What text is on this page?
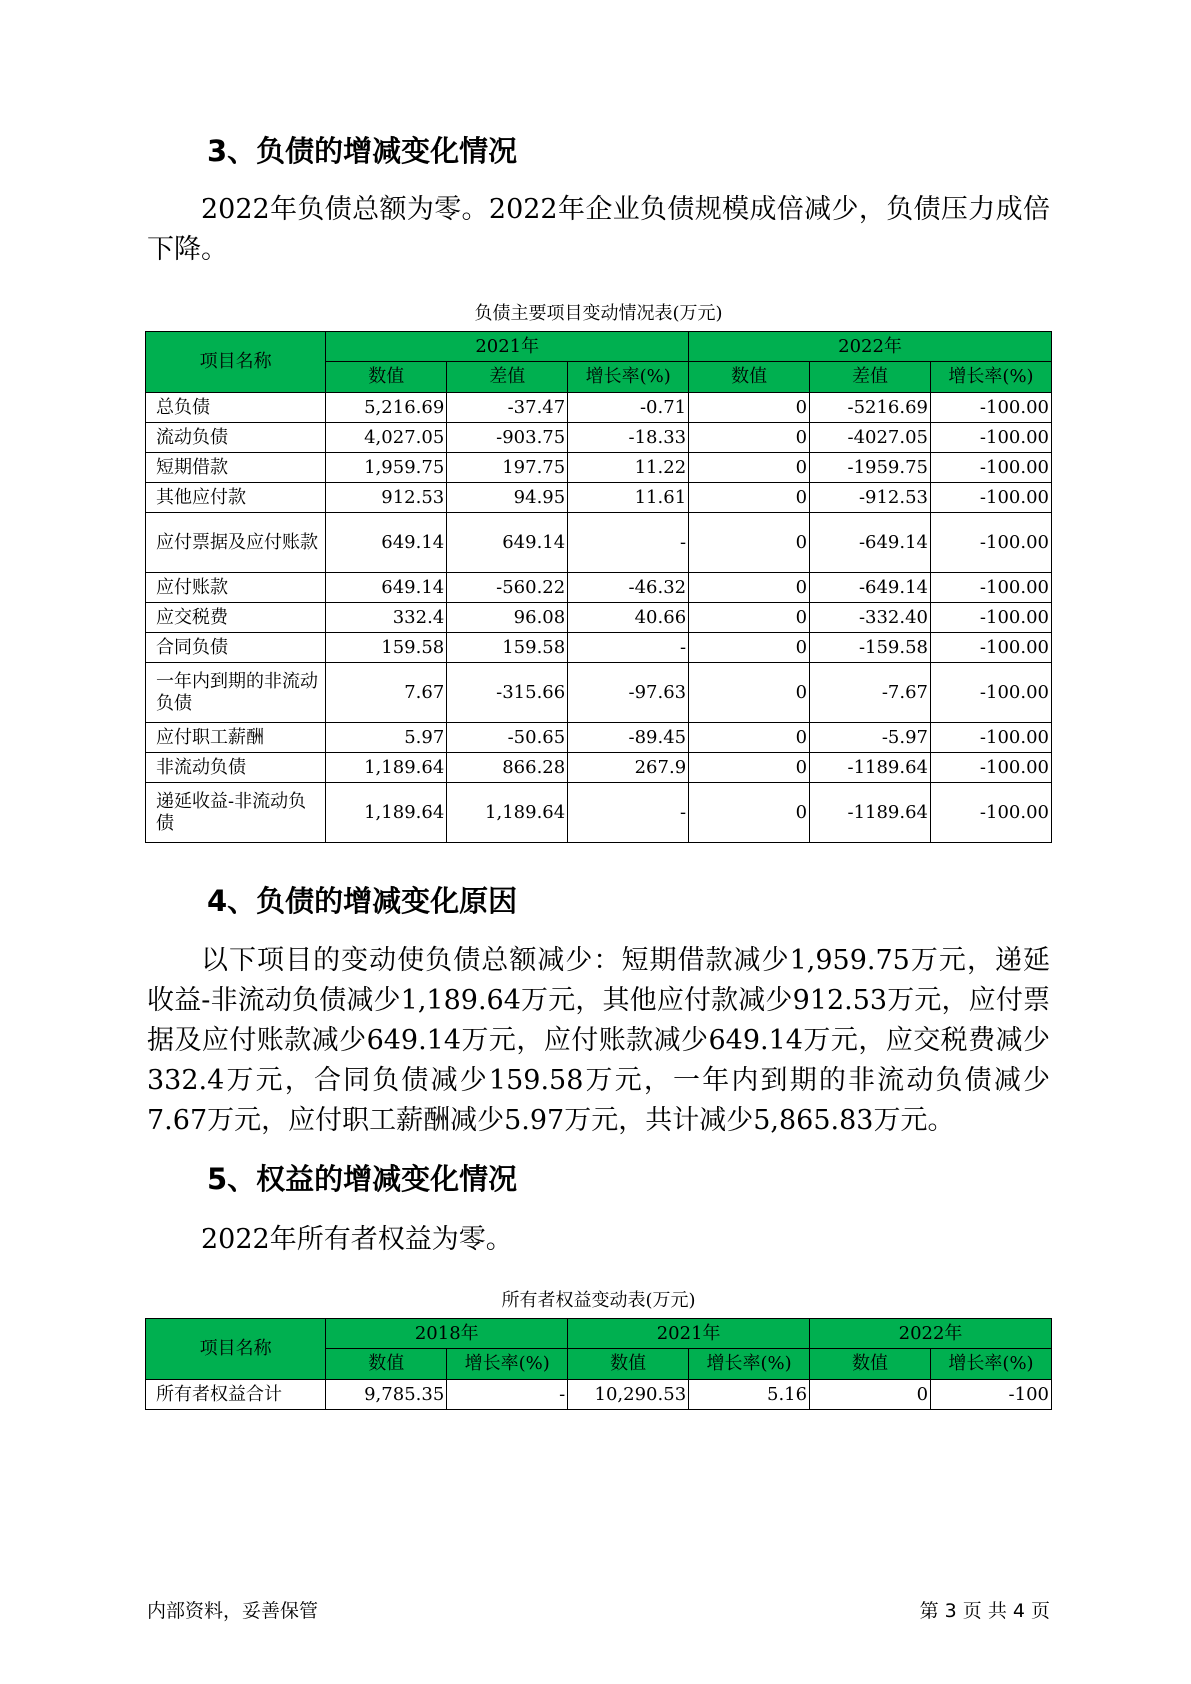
3、负债的增减变化情况
2022年负债总额为零。2022年企业负债规模成倍减少，负债压力成倍下降。
负债主要项目变动情况表(万元)
项目名称	2021年			2022年		
	数值	差值	增长率(%)	数值	差值	增长率(%)
总负债	5,216.69	-37.47	-0.71	0	-5216.69	-100.00
流动负债	4,027.05	-903.75	-18.33	0	-4027.05	-100.00
短期借款	1,959.75	197.75	11.22	0	-1959.75	-100.00
其他应付款	912.53	94.95	11.61	0	-912.53	-100.00
应付票据及应付账款	649.14	649.14	-	0	-649.14	-100.00
应付账款	649.14	-560.22	-46.32	0	-649.14	-100.00
应交税费	332.4	96.08	40.66	0	-332.40	-100.00
合同负债	159.58	159.58	-	0	-159.58	-100.00
一年内到期的非流动负债	7.67	-315.66	-97.63	0	-7.67	-100.00
应付职工薪酬	5.97	-50.65	-89.45	0	-5.97	-100.00
非流动负债	1,189.64	866.28	267.9	0	-1189.64	-100.00
递延收益-非流动负债	1,189.64	1,189.64	-	0	-1189.64	-100.00
4、负债的增减变化原因
以下项目的变动使负债总额减少：短期借款减少1,959.75万元，递延收益-非流动负债减少1,189.64万元，其他应付款减少912.53万元，应付票据及应付账款减少649.14万元，应付账款减少649.14万元，应交税费减少332.4万元，合同负债减少159.58万元，一年内到期的非流动负债减少7.67万元，应付职工薪酬减少5.97万元，共计减少5,865.83万元。
5、权益的增减变化情况
2022年所有者权益为零。
所有者权益变动表(万元)
项目名称	2018年		2021年		2022年	
	数值	增长率(%)	数值	增长率(%)	数值	增长率(%)
所有者权益合计	9,785.35	-	10,290.53	5.16	0	-100
内部资料，妥善保管	第 3 页 共 4 页
